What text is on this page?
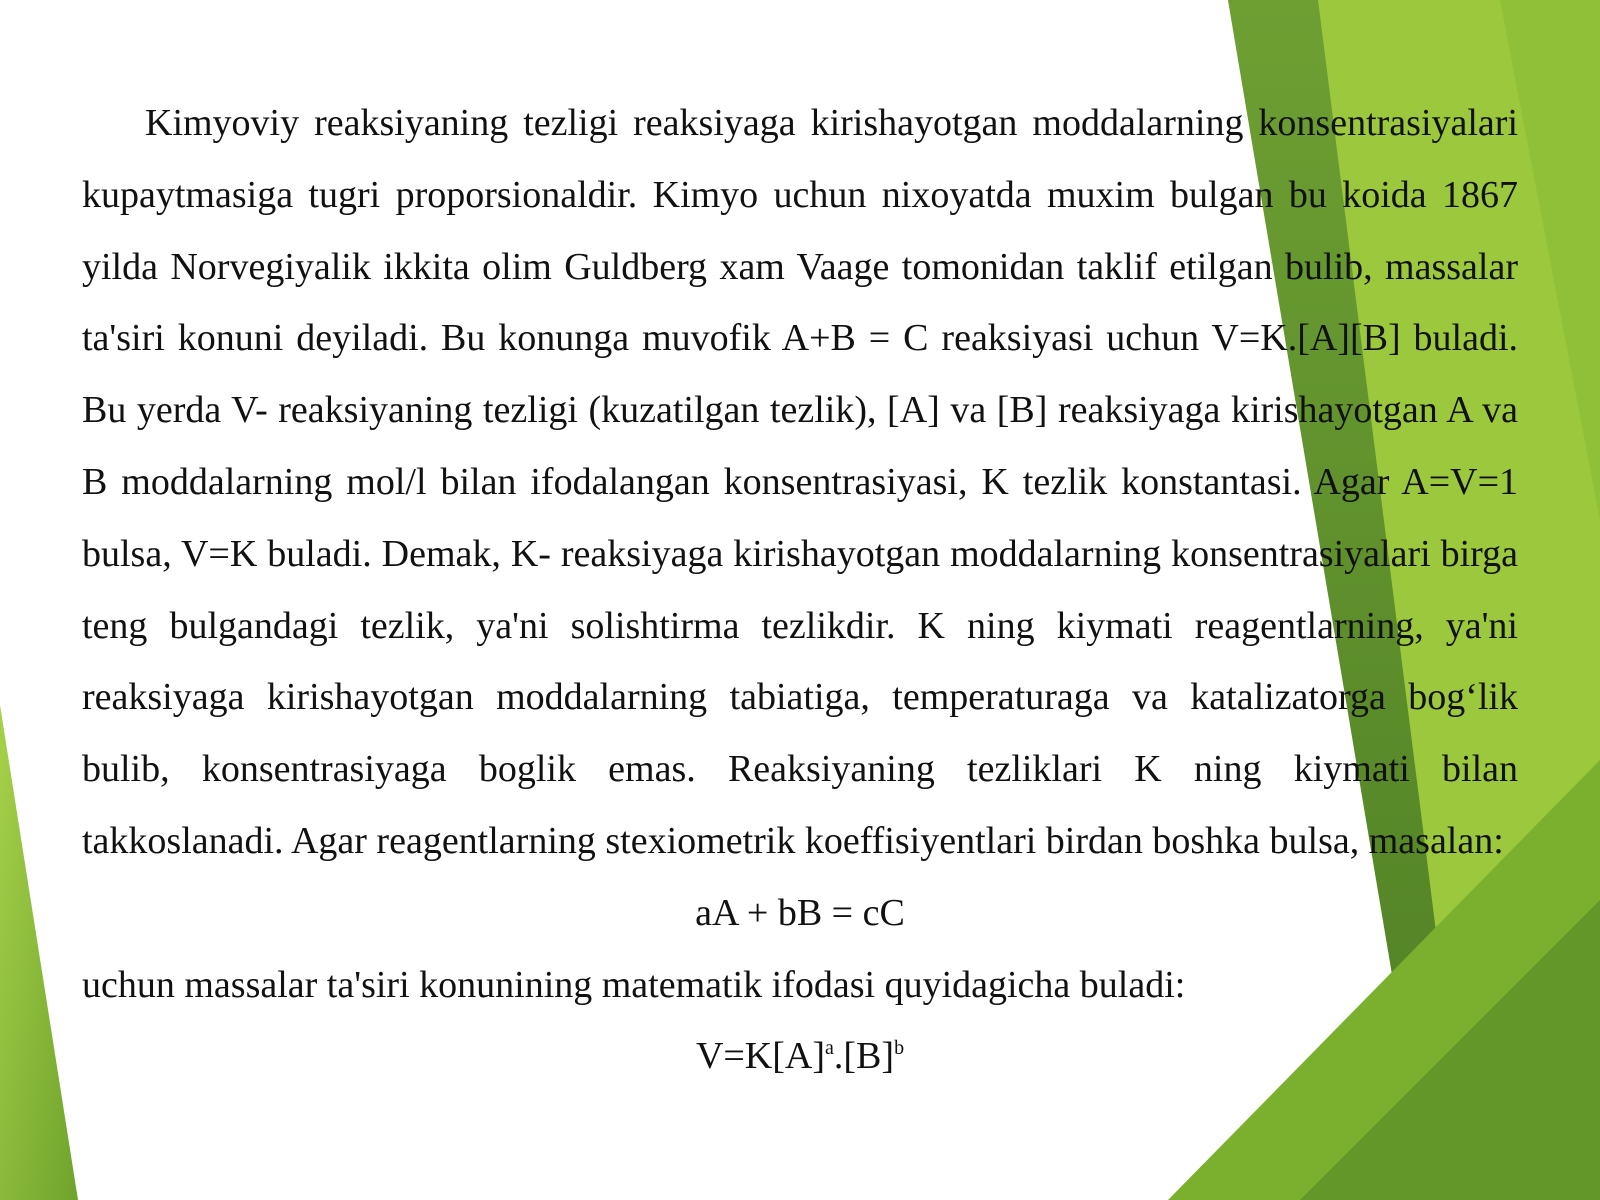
Kimyoviy reaksiyaning tezligi reaksiyaga kirishayotgan moddalarning konsentrasiyalari kupaytmasiga tugri proporsionaldir. Kimyo uchun nixoyatda muxim bulgan bu koida 1867 yilda Norvegiyalik ikkita olim Guldberg xam Vaage tomonidan taklif etilgan bulib, massalar ta'siri konuni deyiladi. Bu konunga muvofik A+B = C reaksiyasi uchun V=K.[A][B] buladi. Bu yerda V- reaksiyaning tezligi (kuzatilgan tezlik), [A] va [B] reaksiyaga kirishayotgan A va B moddalarning mol/l bilan ifodalangan konsentrasiyasi, K tezlik konstantasi. Agar A=V=1 bulsa, V=K buladi. Demak, K- reaksiyaga kirishayotgan moddalarning konsentrasiyalari birga teng bulgandagi tezlik, ya'ni solishtirma tezlikdir. K ning kiymati reagentlarning, ya'ni reaksiyaga kirishayotgan moddalarning tabiatiga, temperaturaga va katalizatorga bog‘lik bulib, konsentrasiyaga boglik emas. Reaksiyaning tezliklari K ning kiymati bilan takkoslanadi. Agar reagentlarning stexiometrik koeffisiyentlari birdan boshka bulsa, masalan:

aA + bB = cC

uchun massalar ta'siri konunining matematik ifodasi quyidagicha buladi:

$V=K[A]^a.[B]^b$
